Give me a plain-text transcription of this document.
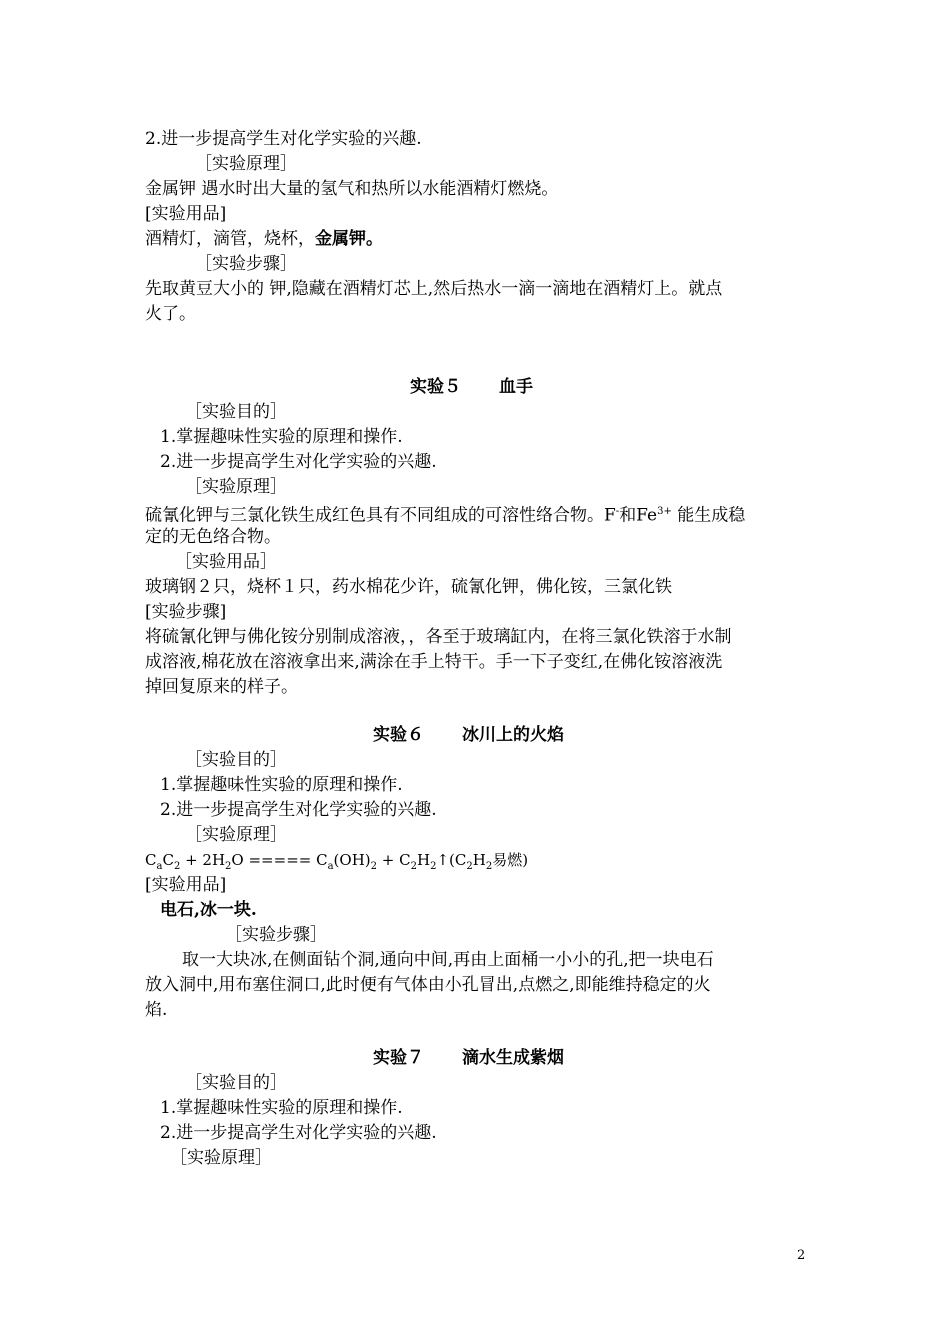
2.进一步提高学生对化学实验的兴趣.
［实验原理］
金属钾 遇水时出大量的氢气和热所以水能酒精灯燃烧。
[实验用品]
酒精灯，滴管，烧杯，金属钾。
［实验步骤］
先取黄豆大小的 钾,隐藏在酒精灯芯上,然后热水一滴一滴地在酒精灯上。就点
火了。
实验５ 血手
［实验目的］
1.掌握趣味性实验的原理和操作.
2.进一步提高学生对化学实验的兴趣.
［实验原理］
硫氰化钾与三氯化铁生成红色具有不同组成的可溶性络合物。F-和$Fe^{3+}$ 能生成稳
定的无色络合物。
［实验用品］
玻璃钢２只，烧杯１只，药水棉花少许，硫氰化钾，佛化铵，三氯化铁
[实验步骤]
将硫氰化钾与佛化铵分别制成溶液，，各至于玻璃缸内，在将三氯化铁溶于水制
成溶液,棉花放在溶液拿出来,满涂在手上特干。手一下子变红,在佛化铵溶液洗
掉回复原来的样子。
实验６ 冰川上的火焰
［实验目的］
1.掌握趣味性实验的原理和操作.
2.进一步提高学生对化学实验的兴趣.
［实验原理］
$C_aC_2 + 2H_2O$ ===== $C_a(OH)_2$ + $C_2H_2↑(C_2H_2$易燃)
[实验用品]
电石,冰一块.
［实验步骤］
取一大块冰,在侧面钻个洞,通向中间,再由上面桶一小小的孔,把一块电石
放入洞中,用布塞住洞口,此时便有气体由小孔冒出,点燃之,即能维持稳定的火
焰.
实验７ 滴水生成紫烟
［实验目的］
1.掌握趣味性实验的原理和操作.
2.进一步提高学生对化学实验的兴趣.
［实验原理］
2
